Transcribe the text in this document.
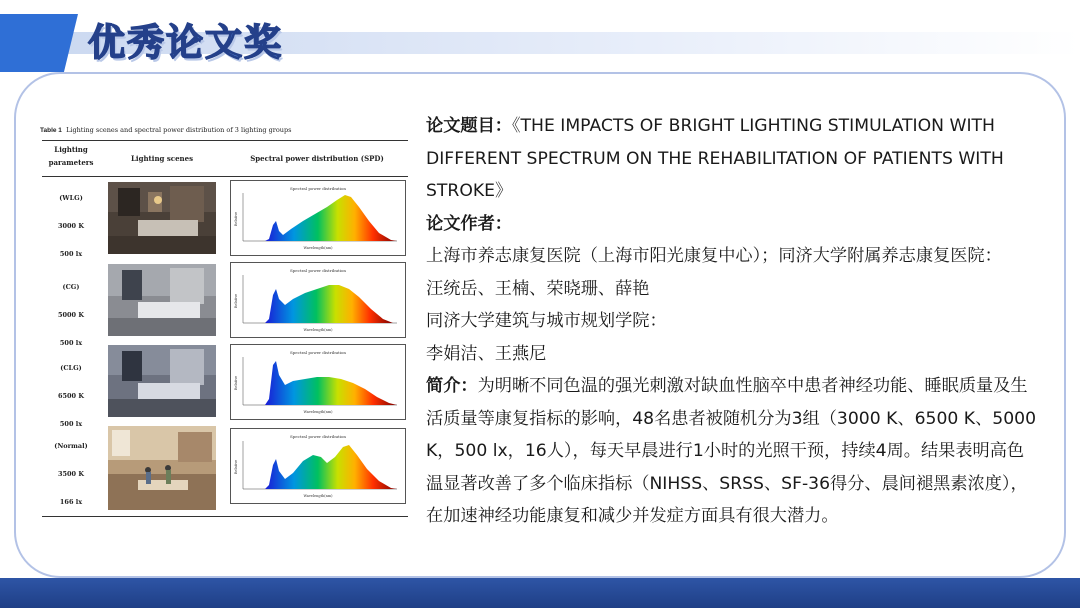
优秀论文奖
Table 1 Lighting scenes and spectral power distribution of 3 lighting groups
Lighting
parameters	Lighting scenes	Spectral power distribution (SPD)
(WLG)
3000 K
500 lx
Spectral power distribution
Relative
Wavelength(nm)
(CG)
5000 K
500 lx
Spectral power distribution
Relative
Wavelength(nm)
(CLG)
6500 K
500 lx
Spectral power distribution
Relative
Wavelength(nm)
(Normal)
3500 K
166 lx
Spectral power distribution
Relative
Wavelength(nm)

论文题目：《THE IMPACTS OF BRIGHT LIGHTING STIMULATION WITH DIFFERENT SPECTRUM ON THE REHABILITATION OF PATIENTS WITH STROKE》

论文作者：

上海市养志康复医院（上海市阳光康复中心）；同济大学附属养志康复医院：

汪统岳、王楠、荣晓珊、薛艳

同济大学建筑与城市规划学院：

李娟洁、王燕尼

简介：为明晰不同色温的强光刺激对缺血性脑卒中患者神经功能、睡眠质量及生活质量等康复指标的影响，48名患者被随机分为3组（3000 K、6500 K、5000 K，500 lx，16人），每天早晨进行1小时的光照干预，持续4周。结果表明高色温显著改善了多个临床指标（NIHSS、SRSS、SF-36得分、晨间褪黑素浓度），在加速神经功能康复和减少并发症方面具有很大潜力。
